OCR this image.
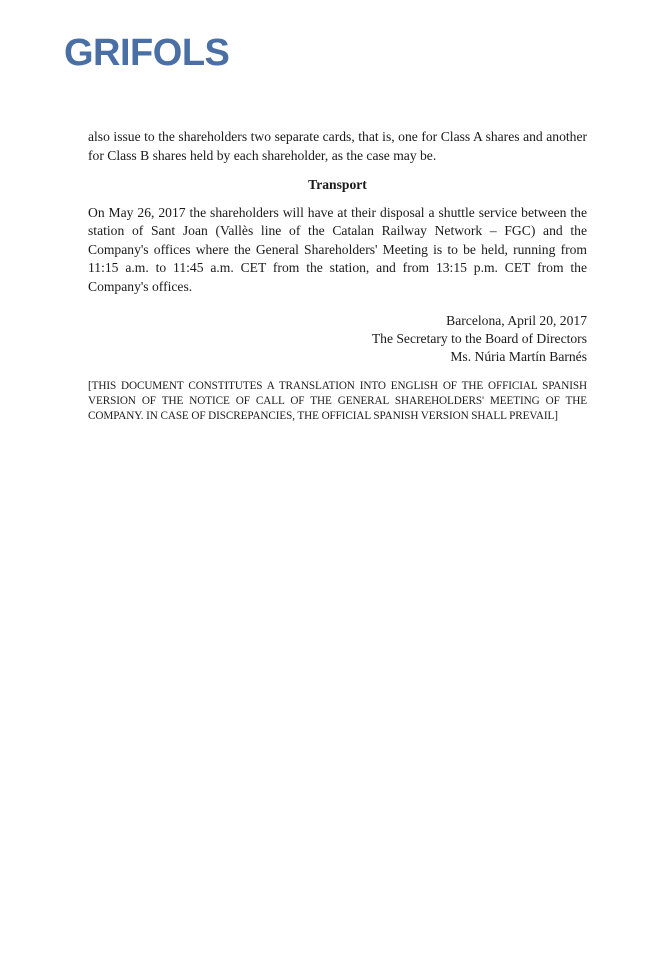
GRIFOLS

also issue to the shareholders two separate cards, that is, one for Class A shares and another for Class B shares held by each shareholder, as the case may be.

Transport

On May 26, 2017 the shareholders will have at their disposal a shuttle service between the station of Sant Joan (Vallès line of the Catalan Railway Network – FGC) and the Company's offices where the General Shareholders' Meeting is to be held, running from 11:15 a.m. to 11:45 a.m. CET from the station, and from 13:15 p.m. CET from the Company's offices.

Barcelona, April 20, 2017
The Secretary to the Board of Directors
Ms. Núria Martín Barnés

[THIS DOCUMENT CONSTITUTES A TRANSLATION INTO ENGLISH OF THE OFFICIAL SPANISH VERSION OF THE NOTICE OF CALL OF THE GENERAL SHAREHOLDERS' MEETING OF THE COMPANY. IN CASE OF DISCREPANCIES, THE OFFICIAL SPANISH VERSION SHALL PREVAIL]
